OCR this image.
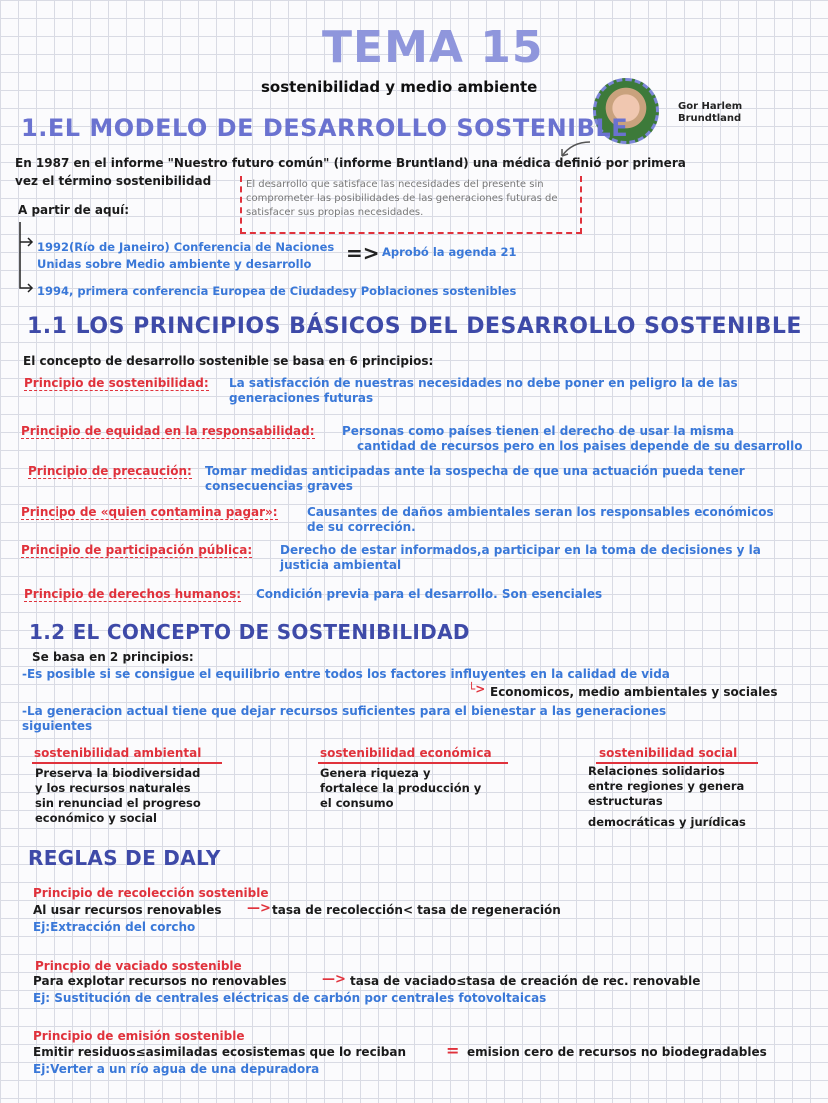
TEMA 15
sostenibilidad y medio ambiente
Gor Harlem
Brundtland
1.EL MODELO DE DESARROLLO SOSTENIBLE
En 1987 en el informe "Nuestro futuro común" (informe Bruntland) una médica definió por primera
vez el término sostenibilidad	El desarrollo que satisface las necesidades del presente sin comprometer las posibilidades de las generaciones futuras de satisfacer sus propias necesidades.
A partir de aquí:
1992(Río de Janeiro) Conferencia de Naciones
Unidas sobre Medio ambiente y desarrollo => Aprobó la agenda 21
1994, primera conferencia Europea de Ciudadesy Poblaciones sostenibles
1.1 LOS PRINCIPIOS BÁSICOS DEL DESARROLLO SOSTENIBLE
El concepto de desarrollo sostenible se basa en 6 principios:
Principio de sostenibilidad: La satisfacción de nuestras necesidades no debe poner en peligro la de las
generaciones futuras
Principio de equidad en la responsabilidad: Personas como países tienen el derecho de usar la misma
cantidad de recursos pero en los paises depende de su desarrollo
Principio de precaución: Tomar medidas anticipadas ante la sospecha de que una actuación pueda tener
consecuencias graves
Princ𝗂po de «quien contamina pagar»: Causantes de daños ambientales seran los responsables económicos
de su correción.
Principio de participación pública: Derecho de estar informados,a participar en la toma de decisiones y la
justicia ambiental
Principio de derechos humanos: Condición previa para el desarrollo. Son esenciales
1.2 EL CONCEPTO DE SOSTENIBILIDAD
Se basa en 2 principios:
-Es posible si se consigue el equilibrio entre todos los factores influyentes en la calidad de vida
└> Economicos, medio ambientales y sociales
-La generacion actual tiene que dejar recursos suficientes para el bienestar a las generaciones
siguientes
sostenibilidad ambiental
Preserva la biodiversidad
y los recursos naturales
sin renunciad el progreso
económico y social
sostenibilidad económica
Genera riqueza y
fortalece la producción y
el consumo
sostenibilidad social
Relaciones solidarios
entre regiones y genera
estructuras
democráticas y jurídicas
REGLAS DE DALY
Principio de recolección sostenible
Al usar recursos renovables —> tasa de recolección< tasa de regeneración
Ej:Extracción del corcho
Princpio de vaciado sostenible
Para explotar recursos no renovables	—> tasa de vaciado≤tasa de creación de rec. renovable
Ej: Sustitución de centrales eléctricas de carbón por centrales fotovoltaicas
Principio de emisión sostenible
Emitir residuos≤asimiladas ecosistemas que lo reciban = emision cero de recursos no biodegradables
Ej:Verter a un río agua de una depuradora
